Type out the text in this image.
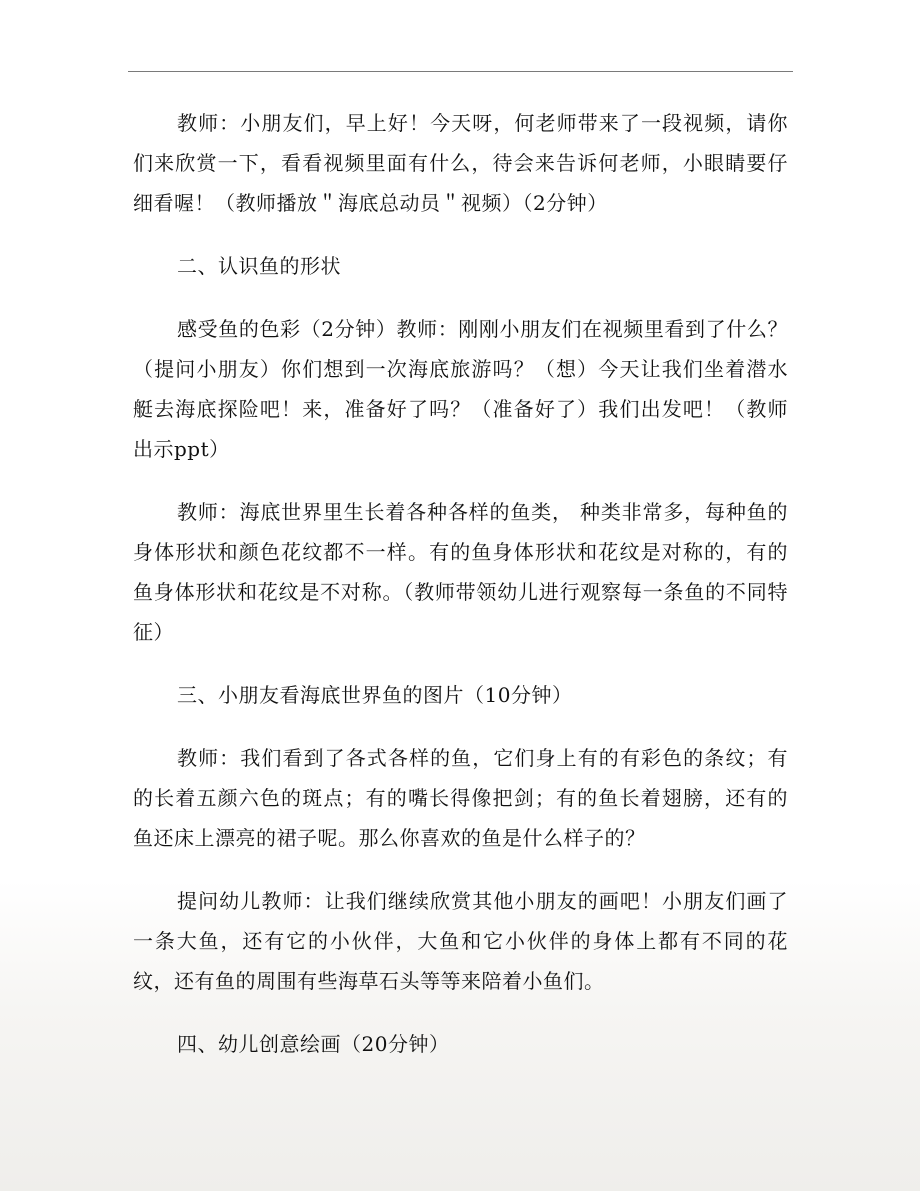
教师：小朋友们，早上好！今天呀，何老师带来了一段视频，请你们来欣赏一下，看看视频里面有什么，待会来告诉何老师，小眼睛要仔细看喔！（教师播放＂海底总动员＂视频）（2分钟）

二、认识鱼的形状

感受鱼的色彩（2分钟）教师：刚刚小朋友们在视频里看到了什么？（提问小朋友）你们想到一次海底旅游吗？（想）今天让我们坐着潜水艇去海底探险吧！来，准备好了吗？（准备好了）我们出发吧！（教师出示ppt）

教师：海底世界里生长着各种各样的鱼类， 种类非常多，每种鱼的身体形状和颜色花纹都不一样。有的鱼身体形状和花纹是对称的，有的鱼身体形状和花纹是不对称。（教师带领幼儿进行观察每一条鱼的不同特征）

三、小朋友看海底世界鱼的图片（10分钟）

教师：我们看到了各式各样的鱼，它们身上有的有彩色的条纹；有的长着五颜六色的斑点；有的嘴长得像把剑；有的鱼长着翅膀，还有的鱼还床上漂亮的裙子呢。那么你喜欢的鱼是什么样子的？

提问幼儿教师：让我们继续欣赏其他小朋友的画吧！小朋友们画了一条大鱼，还有它的小伙伴，大鱼和它小伙伴的身体上都有不同的花纹，还有鱼的周围有些海草石头等等来陪着小鱼们。

四、幼儿创意绘画（20分钟）
